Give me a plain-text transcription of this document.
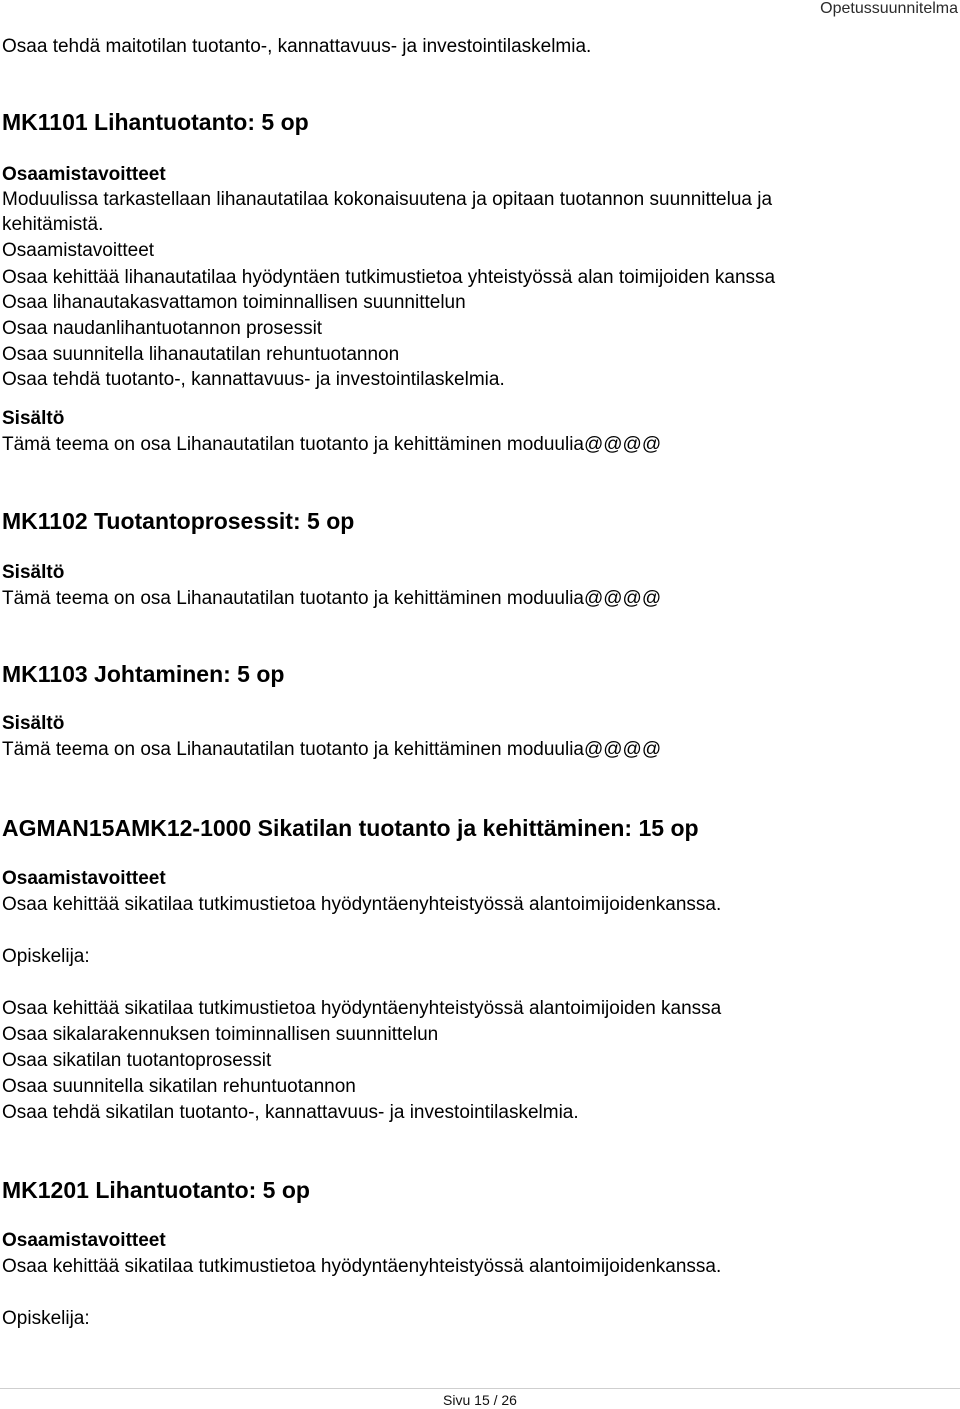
Opetussuunnitelma
Osaa tehdä maitotilan tuotanto-, kannattavuus- ja investointilaskelmia.
MK1101 Lihantuotanto: 5 op
Osaamistavoitteet
Moduulissa tarkastellaan lihanautatilaa kokonaisuutena ja opitaan tuotannon suunnittelua ja
kehitämistä.
Osaamistavoitteet
Osaa kehittää lihanautatilaa hyödyntäen tutkimustietoa yhteistyössä alan toimijoiden kanssa
Osaa lihanautakasvattamon toiminnallisen suunnittelun
Osaa naudanlihantuotannon prosessit
Osaa suunnitella lihanautatilan rehuntuotannon
Osaa tehdä tuotanto-, kannattavuus- ja investointilaskelmia.
Sisältö
Tämä teema on osa Lihanautatilan tuotanto ja kehittäminen moduulia@@@@
MK1102 Tuotantoprosessit: 5 op
Sisältö
Tämä teema on osa Lihanautatilan tuotanto ja kehittäminen moduulia@@@@
MK1103 Johtaminen: 5 op
Sisältö
Tämä teema on osa Lihanautatilan tuotanto ja kehittäminen moduulia@@@@
AGMAN15AMK12-1000 Sikatilan tuotanto ja kehittäminen: 15 op
Osaamistavoitteet
Osaa kehittää sikatilaa tutkimustietoa hyödyntäenyhteistyössä alantoimijoidenkanssa.
Opiskelija:
Osaa kehittää sikatilaa tutkimustietoa hyödyntäenyhteistyössä alantoimijoiden kanssa
Osaa sikalarakennuksen toiminnallisen suunnittelun
Osaa sikatilan tuotantoprosessit
Osaa suunnitella sikatilan rehuntuotannon
Osaa tehdä sikatilan tuotanto-, kannattavuus- ja investointilaskelmia.
MK1201 Lihantuotanto: 5 op
Osaamistavoitteet
Osaa kehittää sikatilaa tutkimustietoa hyödyntäenyhteistyössä alantoimijoidenkanssa.
Opiskelija:
Sivu 15 / 26
